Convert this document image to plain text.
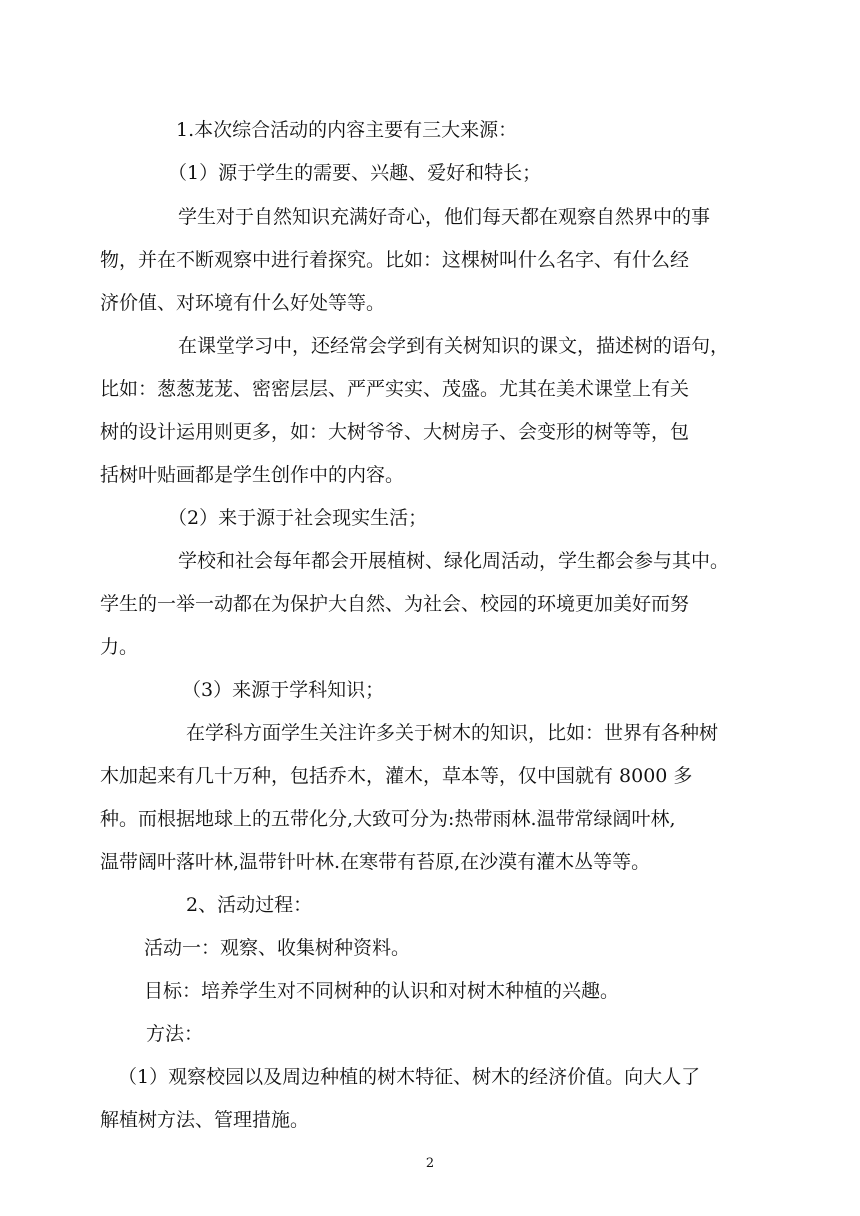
1.本次综合活动的内容主要有三大来源：
（1）源于学生的需要、兴趣、爱好和特长；
学生对于自然知识充满好奇心，他们每天都在观察自然界中的事
物，并在不断观察中进行着探究。比如：这棵树叫什么名字、有什么经
济价值、对环境有什么好处等等。
在课堂学习中，还经常会学到有关树知识的课文，描述树的语句，
比如：葱葱茏茏、密密层层、严严实实、茂盛。尤其在美术课堂上有关
树的设计运用则更多，如：大树爷爷、大树房子、会变形的树等等，包
括树叶贴画都是学生创作中的内容。
（2）来于源于社会现实生活；
学校和社会每年都会开展植树、绿化周活动，学生都会参与其中。
学生的一举一动都在为保护大自然、为社会、校园的环境更加美好而努
力。
（3）来源于学科知识；
在学科方面学生关注许多关于树木的知识，比如：世界有各种树
木加起来有几十万种，包括乔木，灌木，草本等，仅中国就有 8000 多
种。而根据地球上的五带化分,大致可分为:热带雨林.温带常绿阔叶林,
温带阔叶落叶林,温带针叶林.在寒带有苔原,在沙漠有灌木丛等等。
2、活动过程：
活动一：观察、收集树种资料。
目标：培养学生对不同树种的认识和对树木种植的兴趣。
方法：
（1）观察校园以及周边种植的树木特征、树木的经济价值。向大人了
解植树方法、管理措施。
2
